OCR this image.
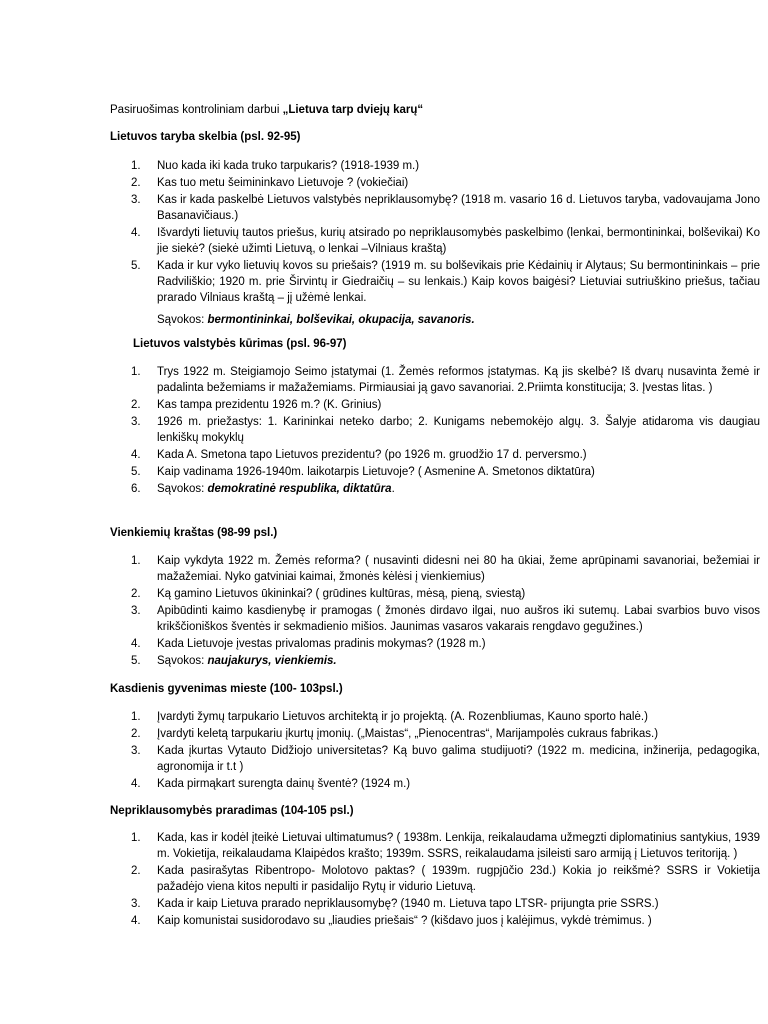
Pasiruošimas kontroliniam darbui „Lietuva tarp dviejų karų“
Lietuvos taryba skelbia (psl. 92-95)
1. Nuo kada iki kada truko tarpukaris? (1918-1939 m.)
2. Kas tuo metu šeimininkavo Lietuvoje ? (vokiečiai)
3. Kas ir kada paskelbė Lietuvos valstybės nepriklausomybę? (1918 m. vasario 16 d. Lietuvos taryba, vadovaujama Jono Basanavičiaus.)
4. Išvardyti lietuvių tautos priešus, kurių atsirado po nepriklausomybės paskelbimo (lenkai, bermontininkai, bolševikai) Ko jie siekė? (siekė užimti Lietuvą, o lenkai –Vilniaus kraštą)
5. Kada ir kur vyko lietuvių kovos su priešais? (1919 m. su bolševikais prie Kėdainių ir Alytaus; Su bermontininkais – prie Radviliškio; 1920 m. prie Širvintų ir Giedraičių – su lenkais.) Kaip kovos baigėsi? Lietuviai sutriuškino priešus, tačiau prarado Vilniaus kraštą – jį užėmė lenkai.
Sąvokos: bermontininkai, bolševikai, okupacija, savanoris.
Lietuvos valstybės kūrimas (psl. 96-97)
1. Trys 1922 m. Steigiamojo Seimo įstatymai (1. Žemės reformos įstatymas. Ką jis skelbė? Iš dvarų nusavinta žemė ir padalinta bežemiams ir mažažemiams. Pirmiausiai ją gavo savanoriai. 2.Priimta konstitucija; 3. Įvestas litas. )
2. Kas tampa prezidentu 1926 m.? (K. Grinius)
3. 1926 m. priežastys: 1. Karininkai neteko darbo; 2. Kunigams nebemokėjo algų. 3. Šalyje atidaroma vis daugiau lenkiškų mokyklų
4. Kada A. Smetona tapo Lietuvos prezidentu? (po 1926 m. gruodžio 17 d. perversmo.)
5. Kaip vadinama 1926-1940m. laikotarpis Lietuvoje? ( Asmenine A. Smetonos diktatūra)
6. Sąvokos: demokratinė respublika, diktatūra.
Vienkiemių kraštas (98-99 psl.)
1. Kaip vykdyta 1922 m. Žemės reforma? ( nusavinti didesni nei 80 ha ūkiai, žeme aprūpinami savanoriai, bežemiai ir mažažemiai. Nyko gatviniai kaimai, žmonės kėlėsi į vienkiemius)
2. Ką gamino Lietuvos ūkininkai? ( grūdines kultūras, mėsą, pieną, sviestą)
3. Apibūdinti kaimo kasdienybę ir pramogas ( žmonės dirdavo ilgai, nuo aušros iki sutemų. Labai svarbios buvo visos krikščioniškos šventės ir sekmadienio mišios. Jaunimas vasaros vakarais rengdavo gegužines.)
4. Kada Lietuvoje įvestas privalomas pradinis mokymas? (1928 m.)
5. Sąvokos: naujakurys, vienkiemis.
Kasdienis gyvenimas mieste (100- 103psl.)
1. Įvardyti žymų tarpukario Lietuvos architektą ir jo projektą. (A. Rozenbliumas, Kauno sporto halė.)
2. Įvardyti keletą tarpukariu įkurtų įmonių. („Maistas“, „Pienocentras“, Marijampolės cukraus fabrikas.)
3. Kada įkurtas Vytauto Didžiojo universitetas? Ką buvo galima studijuoti? (1922 m. medicina, inžinerija, pedagogika, agronomija ir t.t )
4. Kada pirmąkart surengta dainų šventė? (1924 m.)
Nepriklausomybės praradimas (104-105 psl.)
1. Kada, kas ir kodėl įteikė Lietuvai ultimatumus? ( 1938m. Lenkija, reikalaudama užmegzti diplomatinius santykius, 1939 m. Vokietija, reikalaudama Klaipėdos krašto; 1939m. SSRS, reikalaudama įsileisti saro armiją į Lietuvos teritoriją. )
2. Kada pasirašytas Ribentropo- Molotovo paktas? ( 1939m. rugpjūčio 23d.) Kokia jo reikšmė? SSRS ir Vokietija pažadėjo viena kitos nepulti ir pasidalijo Rytų ir vidurio Lietuvą.
3. Kada ir kaip Lietuva prarado nepriklausomybę? (1940 m. Lietuva tapo LTSR- prijungta prie SSRS.)
4. Kaip komunistai susidorodavo su „liaudies priešais“ ? (kišdavo juos į kalėjimus, vykdė trėmimus. )
